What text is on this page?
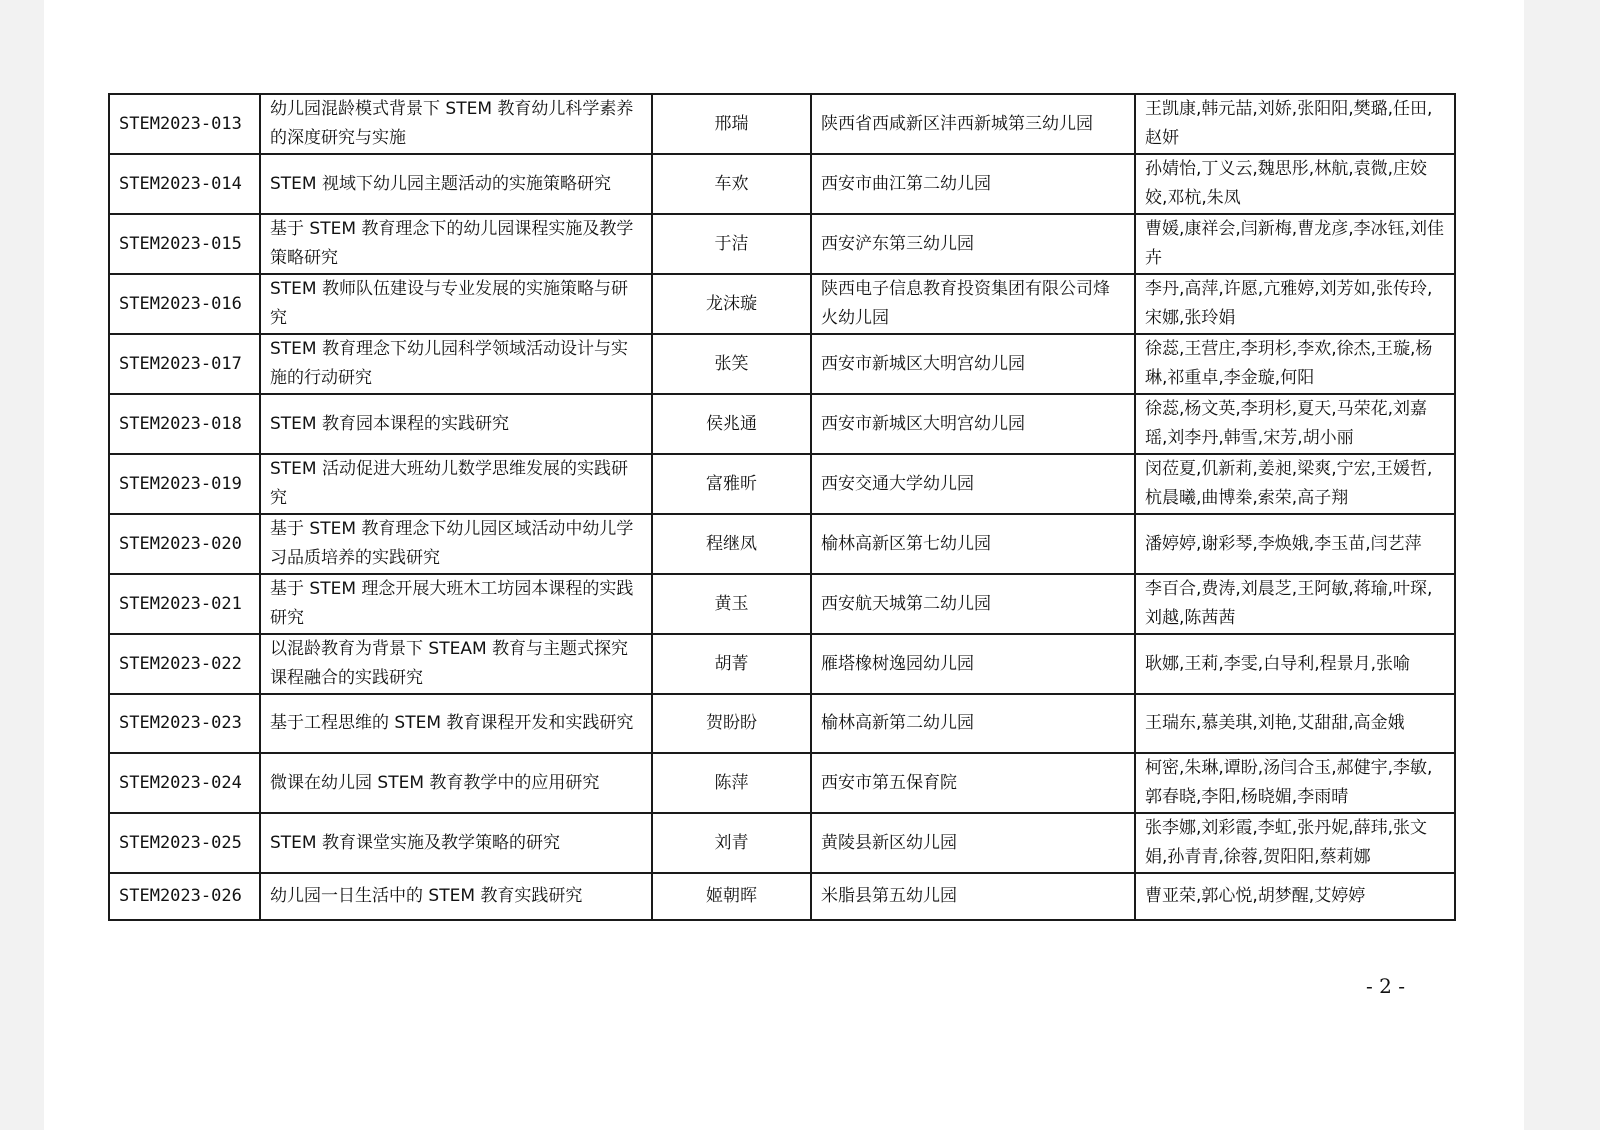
STEM2023-013	幼儿园混龄模式背景下 STEM 教育幼儿科学素养的深度研究与实施	邢瑞	陕西省西咸新区沣西新城第三幼儿园	王凯康,韩元喆,刘娇,张阳阳,樊璐,任田,赵妍
STEM2023-014	STEM 视域下幼儿园主题活动的实施策略研究	车欢	西安市曲江第二幼儿园	孙婧怡,丁义云,魏思彤,林航,袁微,庄姣姣,邓杭,朱凤
STEM2023-015	基于 STEM 教育理念下的幼儿园课程实施及教学策略研究	于洁	西安浐东第三幼儿园	曹媛,康祥会,闫新梅,曹龙彦,李冰钰,刘佳卉
STEM2023-016	STEM 教师队伍建设与专业发展的实施策略与研究	龙沫璇	陕西电子信息教育投资集团有限公司烽火幼儿园	李丹,高萍,许愿,亢雅婷,刘芳如,张传玲,宋娜,张玲娟
STEM2023-017	STEM 教育理念下幼儿园科学领域活动设计与实施的行动研究	张笑	西安市新城区大明宫幼儿园	徐蕊,王营庄,李玥杉,李欢,徐杰,王璇,杨琳,祁重卓,李金璇,何阳
STEM2023-018	STEM 教育园本课程的实践研究	侯兆通	西安市新城区大明宫幼儿园	徐蕊,杨文英,李玥杉,夏天,马荣花,刘嘉瑶,刘李丹,韩雪,宋芳,胡小丽
STEM2023-019	STEM 活动促进大班幼儿数学思维发展的实践研究	富雅昕	西安交通大学幼儿园	闵莅夏,仉新莉,姜昶,梁爽,宁宏,王媛哲,杭晨曦,曲博桊,索荣,高子翔
STEM2023-020	基于 STEM 教育理念下幼儿园区域活动中幼儿学习品质培养的实践研究	程继凤	榆林高新区第七幼儿园	潘婷婷,谢彩琴,李焕娥,李玉苗,闫艺萍
STEM2023-021	基于 STEM 理念开展大班木工坊园本课程的实践研究	黄玉	西安航天城第二幼儿园	李百合,费涛,刘晨芝,王阿敏,蒋瑜,叶琛,刘越,陈茜茜
STEM2023-022	以混龄教育为背景下 STEAM 教育与主题式探究课程融合的实践研究	胡菁	雁塔橡树逸园幼儿园	耿娜,王莉,李雯,白导利,程景月,张喻
STEM2023-023	基于工程思维的 STEM 教育课程开发和实践研究	贺盼盼	榆林高新第二幼儿园	王瑞东,慕美琪,刘艳,艾甜甜,高金娥
STEM2023-024	微课在幼儿园 STEM 教育教学中的应用研究	陈萍	西安市第五保育院	柯密,朱琳,谭盼,汤闫合玉,郝健宇,李敏,郭春晓,李阳,杨晓媚,李雨晴
STEM2023-025	STEM 教育课堂实施及教学策略的研究	刘青	黄陵县新区幼儿园	张李娜,刘彩霞,李虹,张丹妮,薛玮,张文娟,孙青青,徐蓉,贺阳阳,蔡莉娜
STEM2023-026	幼儿园一日生活中的 STEM 教育实践研究	姬朝晖	米脂县第五幼儿园	曹亚荣,郭心悦,胡梦醒,艾婷婷
- 2 -
